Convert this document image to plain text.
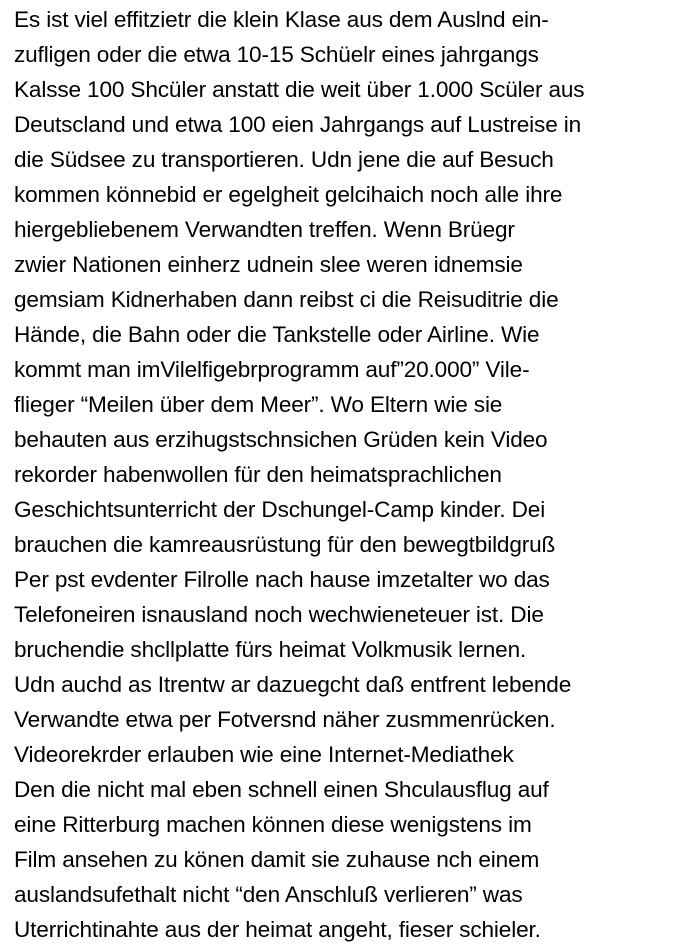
Es ist viel effitzietr die klein Klase aus dem Auslnd ein-
zufligen oder die etwa 10-15 Schüelr eines jahrgangs
Kalsse 100 Shcüler anstatt die weit über 1.000 Scüler aus
Deutscland und etwa 100 eien Jahrgangs auf Lustreise in
die Südsee zu transportieren. Udn jene die auf Besuch
kommen könnebid er egelgheit gelcihaich noch alle ihre
hiergebliebenem Verwandten treffen. Wenn Brüegr
zwier Nationen einherz udnein slee weren idnemsie
gemsiam Kidnerhaben dann reibst ci die Reisuditrie die
Hände, die Bahn oder die Tankstelle oder Airline. Wie
kommt man imVilelfigebrprogramm auf”20.000” Vile-
flieger “Meilen über dem Meer”. Wo Eltern wie sie
behauten aus erzihugstschnsichen Grüden kein Video
rekorder habenwollen für den heimatsprachlichen
Geschichtsunterricht der Dschungel-Camp kinder. Dei
brauchen die kamreausrüstung für den bewegtbildgruß
Per pst evdenter Filrolle nach hause imzetalter wo das
Telefoneiren isnausland noch wechwieneteuer ist. Die
bruchendie shcllplatte fürs heimat Volkmusik lernen.
Udn auchd as Itrentw ar dazuegcht daß entfrent lebende
Verwandte etwa per Fotversnd näher zusmmenrücken.
Videorekrder erlauben wie eine Internet-Mediathek
Den die nicht mal eben schnell einen Shculausflug auf
eine Ritterburg machen können diese wenigstens im
Film ansehen zu könen damit sie zuhause nch einem
auslandsufethalt nicht “den Anschluß verlieren” was
Uterrichtinahte aus der heimat angeht, fieser schieler.
